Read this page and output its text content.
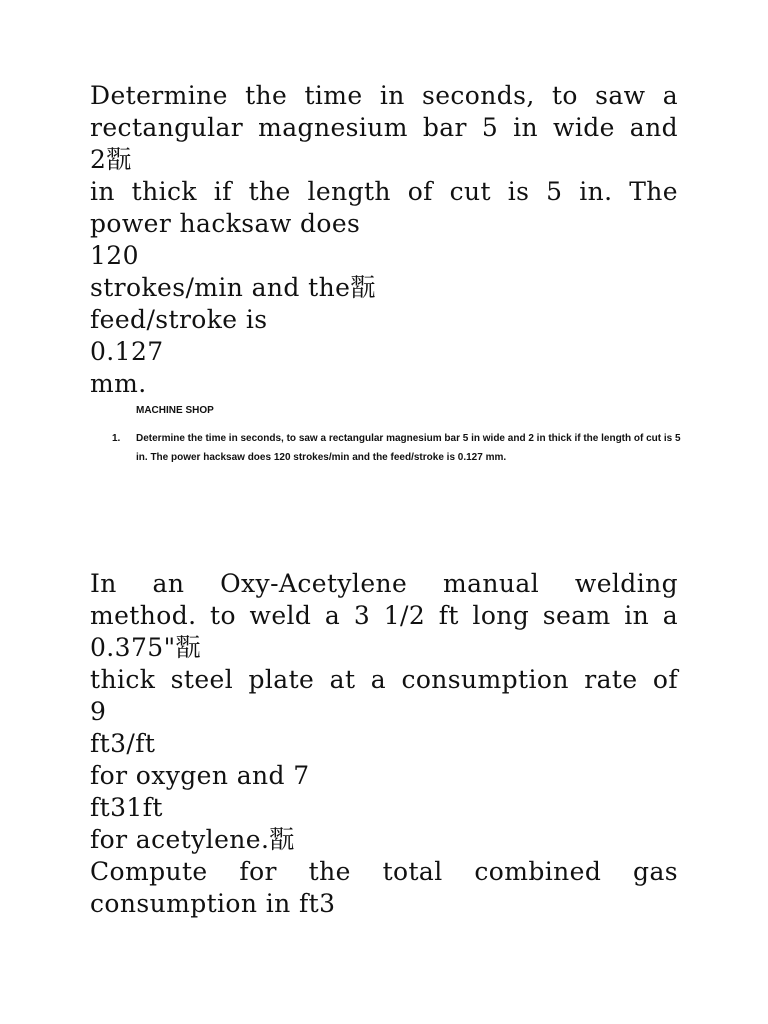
Determine the time in seconds, to saw a

rectangular magnesium bar 5 in wide and

2翫

in thick if the length of cut is 5 in. The

power hacksaw does

120

strokes/min and the翫

feed/stroke is

0.127

mm.

MACHINE SHOP

1.	Determine the time in seconds, to saw a rectangular magnesium bar 5 in wide and 2 in thick if the length of cut is 5 in. The power hacksaw does 120 strokes/min and the feed/stroke is 0.127 mm.

In an Oxy-Acetylene manual welding

method. to weld a 3 1/2 ft long seam in a

0.375"翫

thick steel plate at a consumption rate of

9

ft3/ft

for oxygen and 7

ft31ft

for acetylene.翫

Compute for the total combined gas

consumption in ft3
